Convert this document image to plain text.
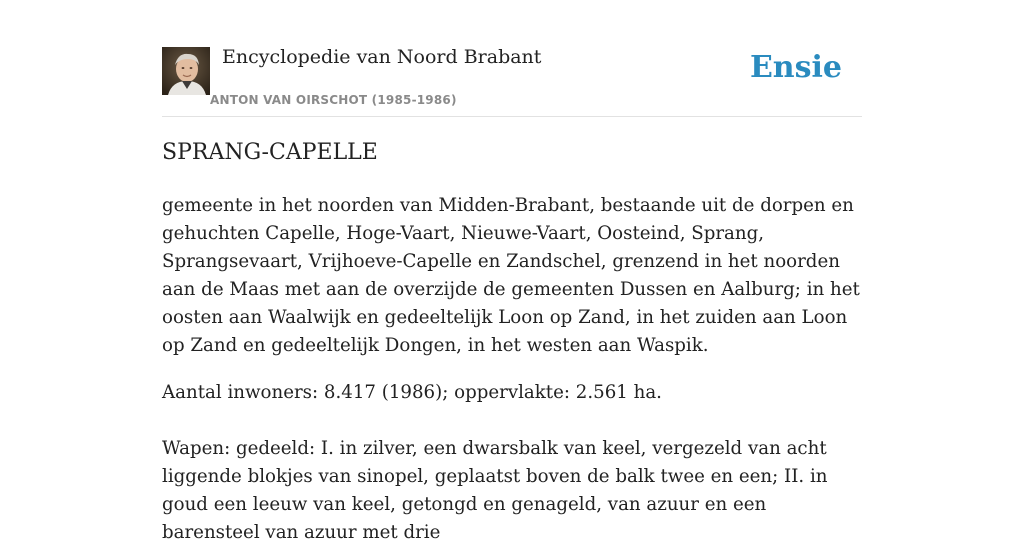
Encyclopedie van Noord Brabant
ANTON VAN OIRSCHOT (1985-1986)
Ensie
SPRANG-CAPELLE

gemeente in het noorden van Midden-Brabant, bestaande uit de dorpen en gehuchten Capelle, Hoge-Vaart, Nieuwe-Vaart, Oosteind, Sprang, Sprangsevaart, Vrijhoeve-Capelle en Zandschel, grenzend in het noorden aan de Maas met aan de overzijde de gemeenten Dussen en Aalburg; in het oosten aan Waalwijk en gedeeltelijk Loon op Zand, in het zuiden aan Loon op Zand en gedeeltelijk Dongen, in het westen aan Waspik.

Aantal inwoners: 8.417 (1986); oppervlakte: 2.561 ha.

Wapen: gedeeld: I. in zilver, een dwarsbalk van keel, vergezeld van acht liggende blokjes van sinopel, geplaatst boven de balk twee en een; II. in goud een leeuw van keel, getongd en genageld, van azuur en een barensteel van azuur met drie
